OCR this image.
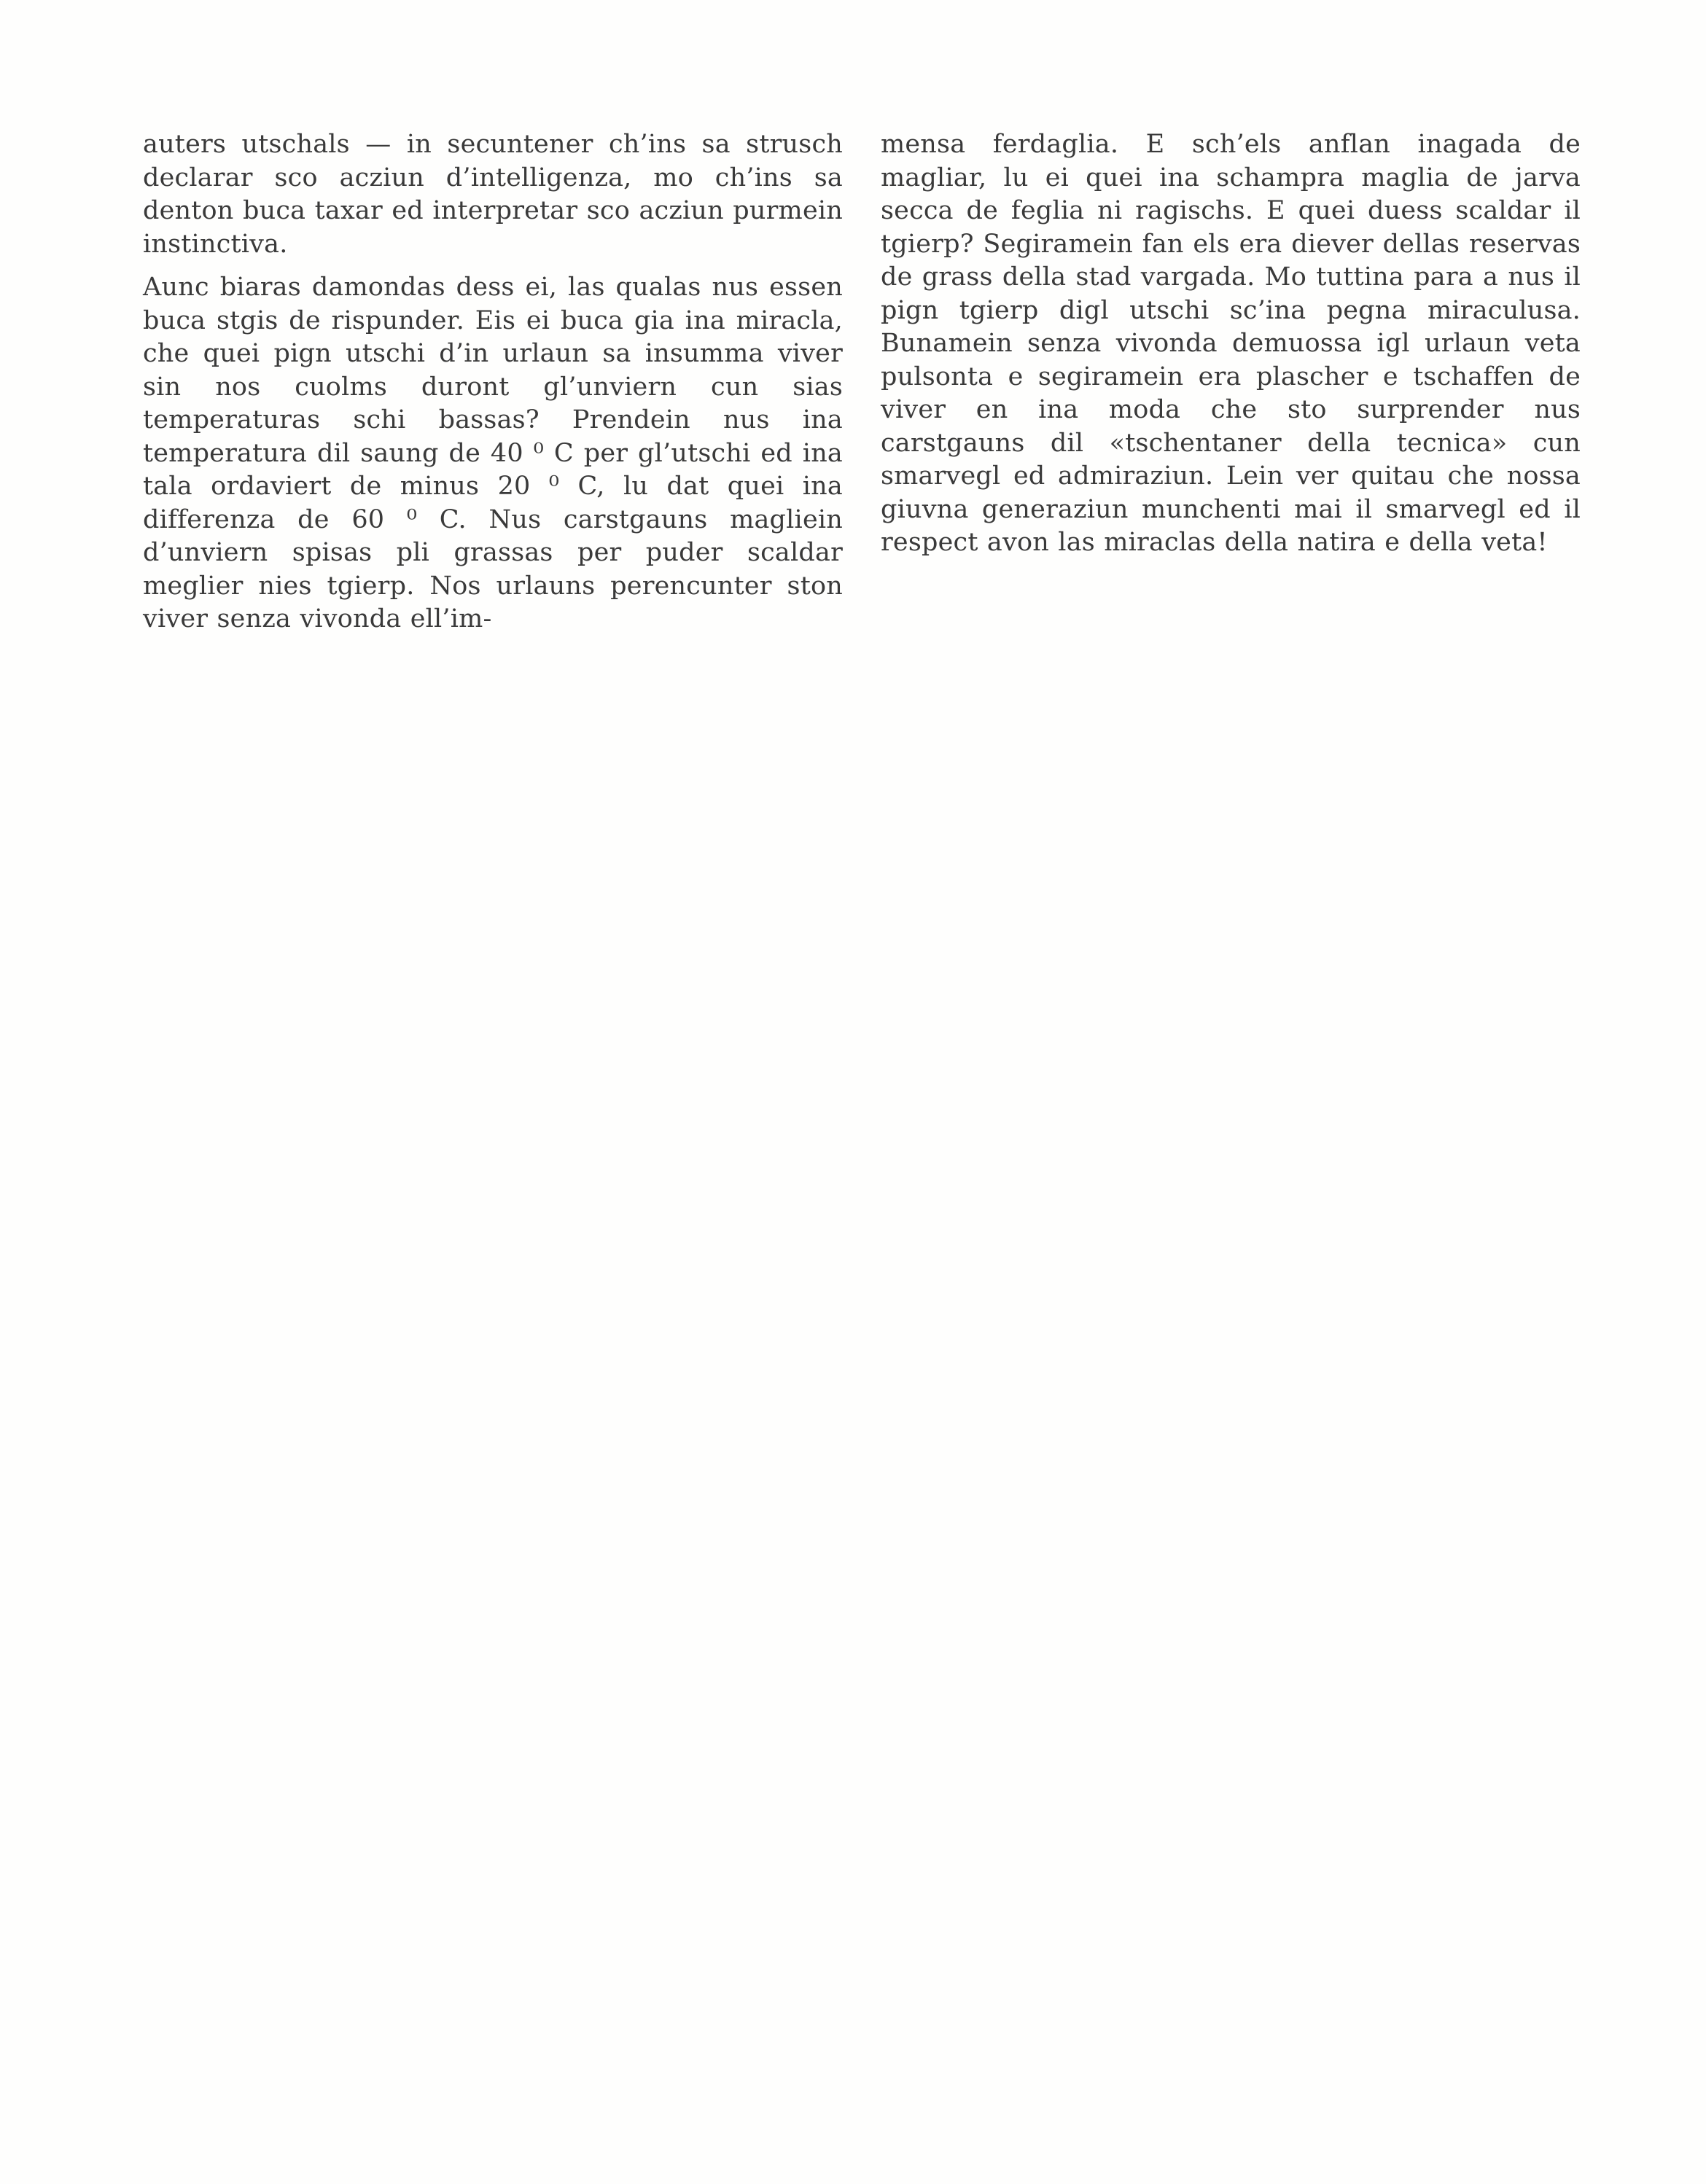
auters utschals — in secuntener ch’ins sa strusch declarar sco acziun d’intelligenza, mo ch’ins sa denton buca taxar ed interpretar sco acziun purmein instinctiva.

Aunc biaras damondas dess ei, las qualas nus essen buca stgis de rispunder. Eis ei buca gia ina miracla, che quei pign utschi d’in urlaun sa insumma viver sin nos cuolms duront gl’unviern cun sias temperaturas schi bassas? Prendein nus ina temperatura dil saung de 40 ⁰ C per gl’utschi ed ina tala ordaviert de minus 20 ⁰ C, lu dat quei ina differenza de 60 ⁰ C. Nus carstgauns magliein d’unviern spisas pli grassas per puder scaldar meglier nies tgierp. Nos urlauns perencunter ston viver senza vivonda ell’im-

mensa ferdaglia. E sch’els anflan inagada de magliar, lu ei quei ina schampra maglia de jarva secca de feglia ni ragischs. E quei duess scaldar il tgierp? Segiramein fan els era diever dellas reservas de grass della stad vargada. Mo tuttina para a nus il pign tgierp digl utschi sc’ina pegna miraculusa. Bunamein senza vivonda demuossa igl urlaun veta pulsonta e segiramein era plascher e tschaffen de viver en ina moda che sto surprender nus carstgauns dil «tschentaner della tecnica» cun smarvegl ed admiraziun. Lein ver quitau che nossa giuvna generaziun munchenti mai il smarvegl ed il respect avon las miraclas della natira e della veta!
